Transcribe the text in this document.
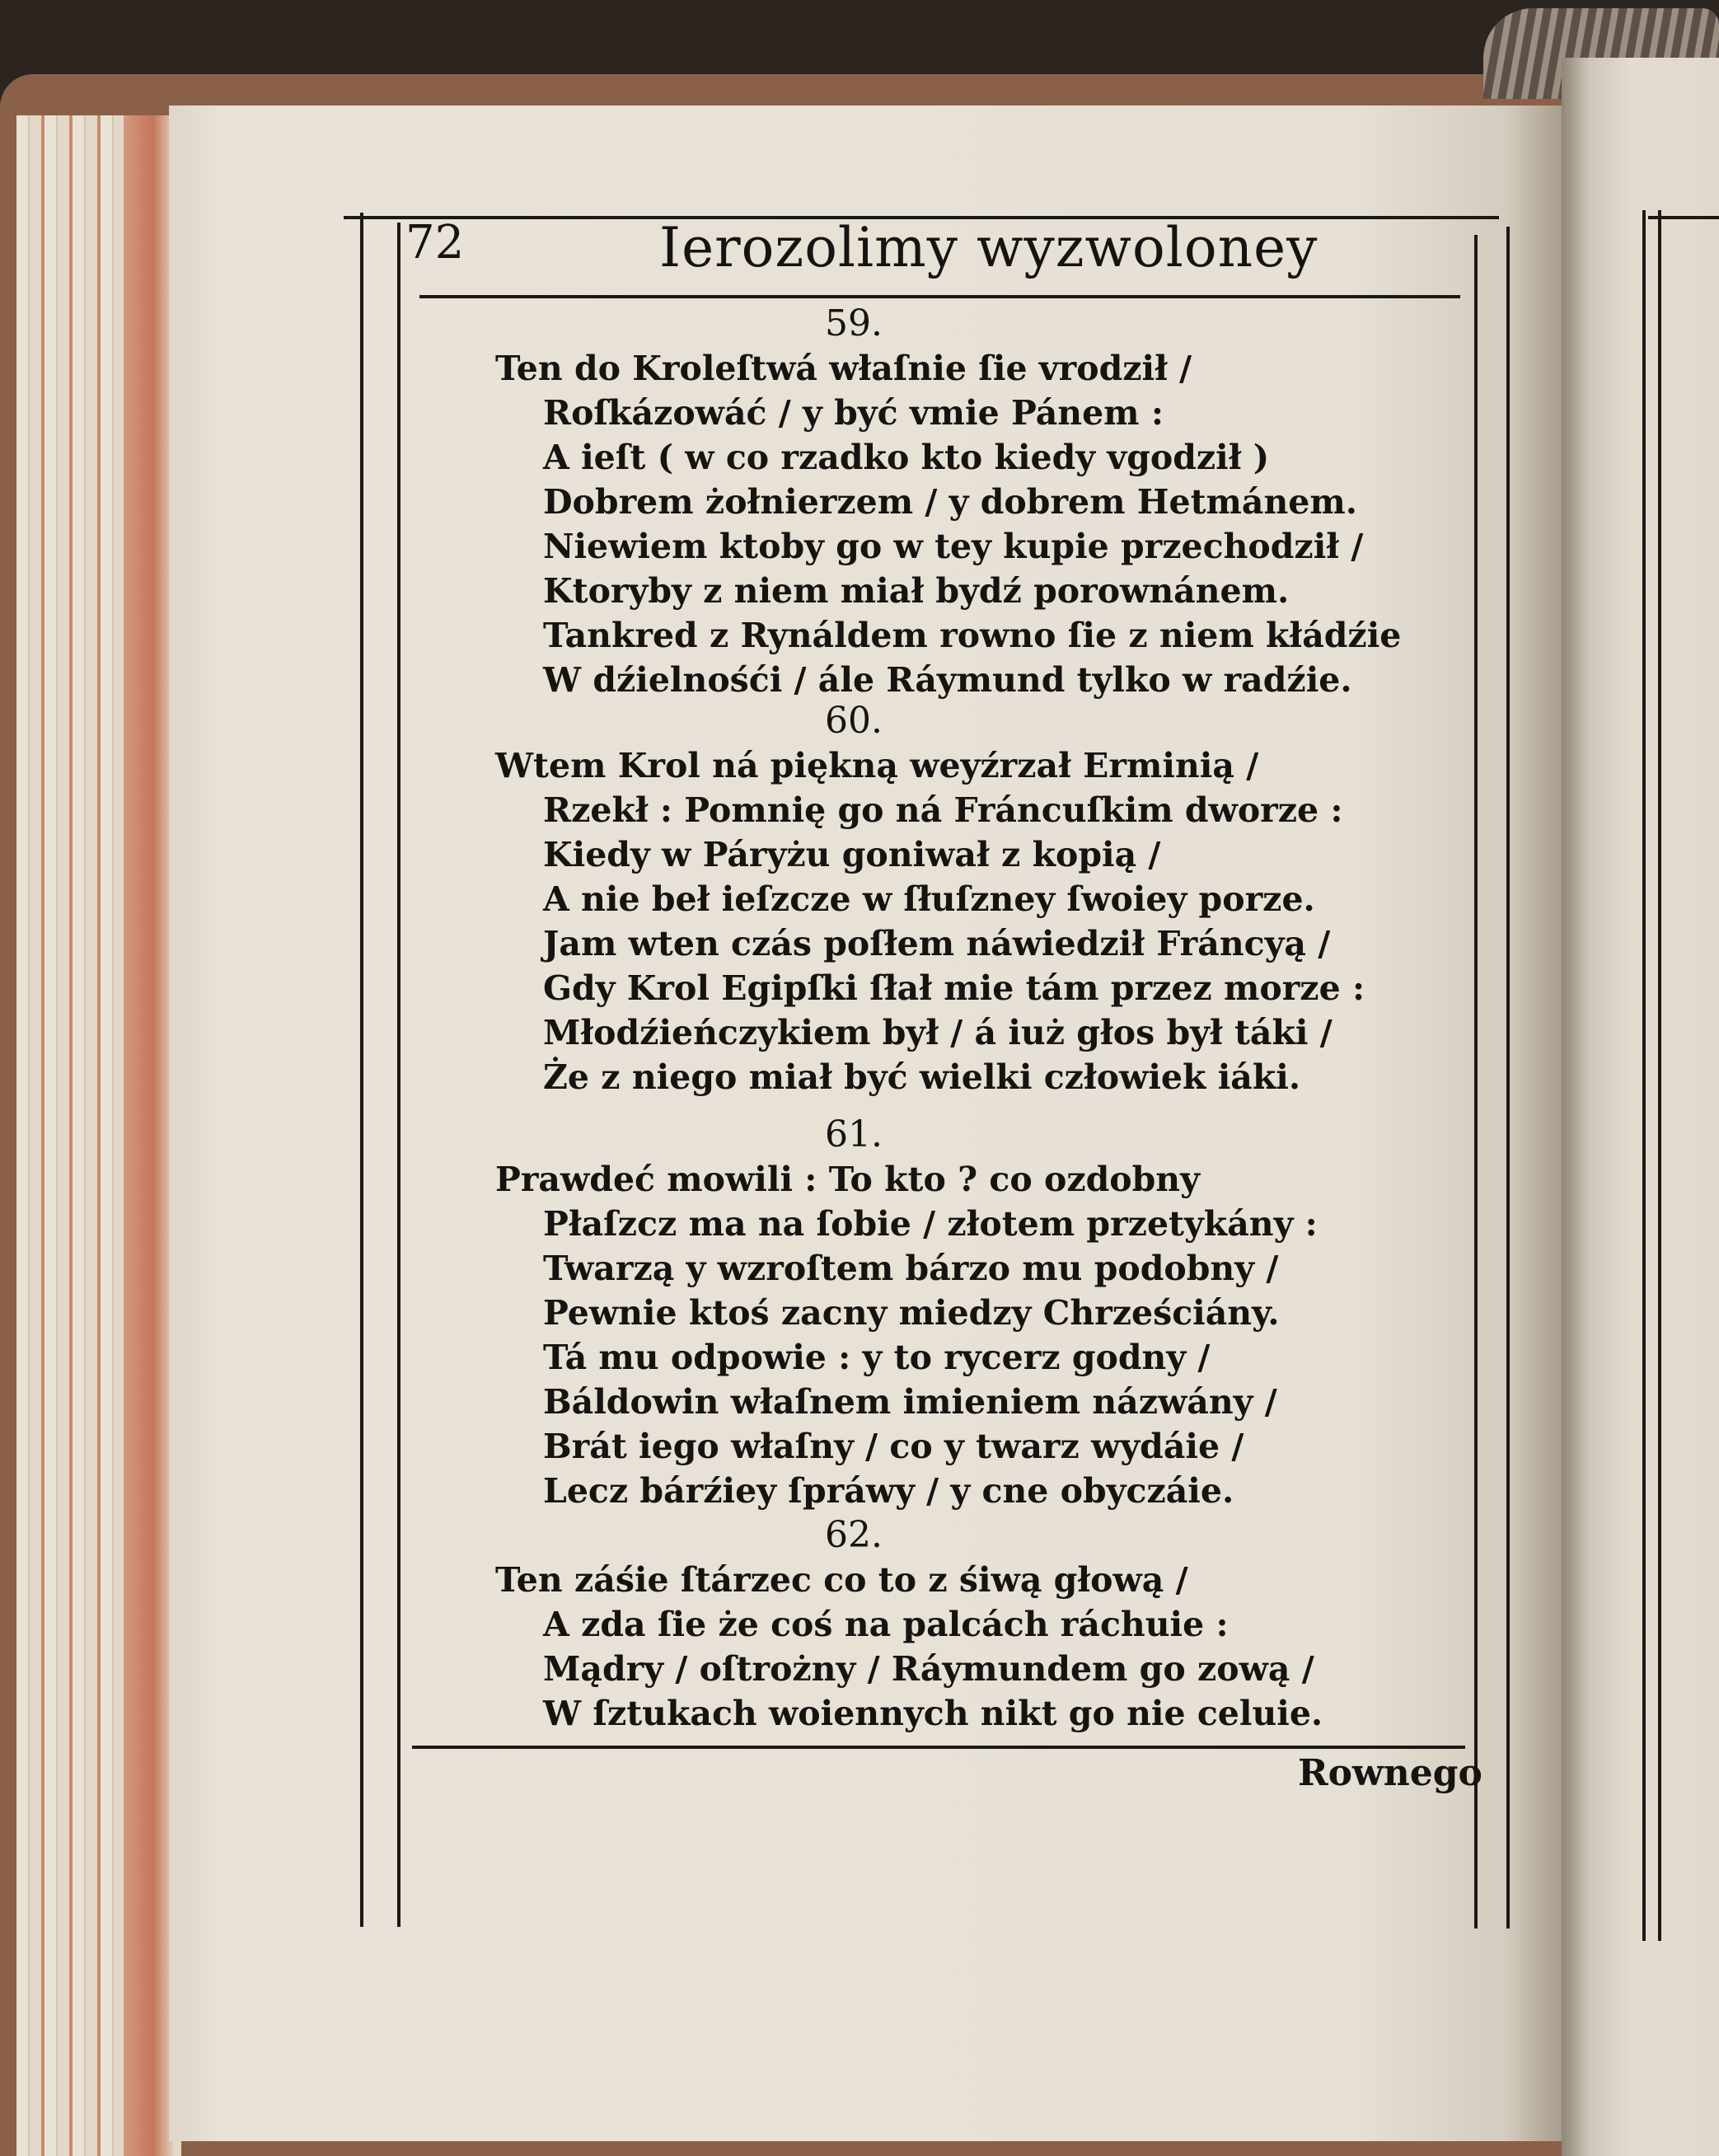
72	Ierozolimy wyzwoloney
59.
Ten do Kroleſtwá właſnie ſie vrodził /
Roſkázowáć / y być vmie Pánem :
A ieſt ( w co rzadko kto kiedy vgodził )
Dobrem żołnierzem / y dobrem Hetmánem.
Niewiem ktoby go w tey kupie przechodził /
Ktoryby z niem miał bydź porownánem.
Tankred z Rynáldem rowno ſie z niem kłádźie
W dźielnośći / ále Ráymund tylko w radźie.
60.
Wtem Krol ná piękną weyźrzał Erminią /
Rzekł : Pomnię go ná Fráncuſkim dworze :
Kiedy w Páryżu goniwał z kopią /
A nie beł ieſzcze w ſłuſzney ſwoiey porze.
Jam wten czás poſłem náwiedził Fráncyą /
Gdy Krol Egipſki ſłał mie tám przez morze :
Młodźieńczykiem był / á iuż głos był táki /
Że z niego miał być wielki człowiek iáki.
61.
Prawdeć mowili : To kto ? co ozdobny
Płaſzcz ma na ſobie / złotem przetykány :
Twarzą y wzroſtem bárzo mu podobny /
Pewnie ktoś zacny miedzy Chrześciány.
Tá mu odpowie : y to rycerz godny /
Báldowin właſnem imieniem názwány /
Brát iego właſny / co y twarz wydáie /
Lecz bárźiey ſpráwy / y cne obyczáie.
62.
Ten záśie ſtárzec co to z śiwą głową /
A zda ſie że coś na palcách ráchuie :
Mądry / oſtrożny / Ráymundem go zową /
W ſztukach woiennych nikt go nie celuie.
Rownego
